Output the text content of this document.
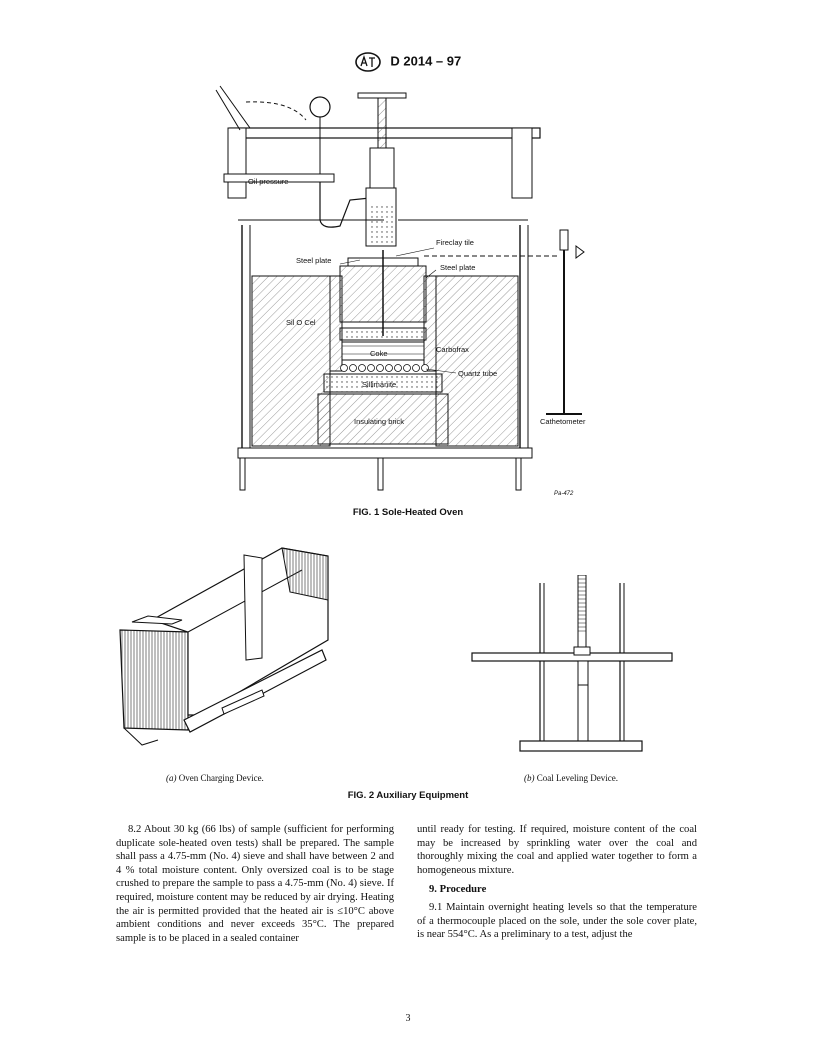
D 2014 – 97
Oil pressure
Fireclay tile
Steel plate
Steel plate
Sil O Cel
Carbofrax
Coke
Quartz tube
Sillimanite
Insulating brick	Cathetometer
Pa-472
FIG. 1 Sole-Heated Oven
(a) Oven Charging Device.	(b) Coal Leveling Device.
FIG. 2 Auxiliary Equipment

8.2 About 30 kg (66 lbs) of sample (sufficient for performing duplicate sole-heated oven tests) shall be prepared. The sample shall pass a 4.75-mm (No. 4) sieve and shall have between 2 and 4 % total moisture content. Only oversized coal is to be stage crushed to prepare the sample to pass a 4.75-mm (No. 4) sieve. If required, moisture content may be reduced by air drying. Heating the air is permitted provided that the heated air is ≤10°C above ambient conditions and never exceeds 35°C. The prepared sample is to be placed in a sealed container

until ready for testing. If required, moisture content of the coal may be increased by sprinkling water over the coal and thoroughly mixing the coal and applied water together to form a homogeneous mixture.

9. Procedure

9.1 Maintain overnight heating levels so that the temperature of a thermocouple placed on the sole, under the sole cover plate, is near 554°C. As a preliminary to a test, adjust the

3
